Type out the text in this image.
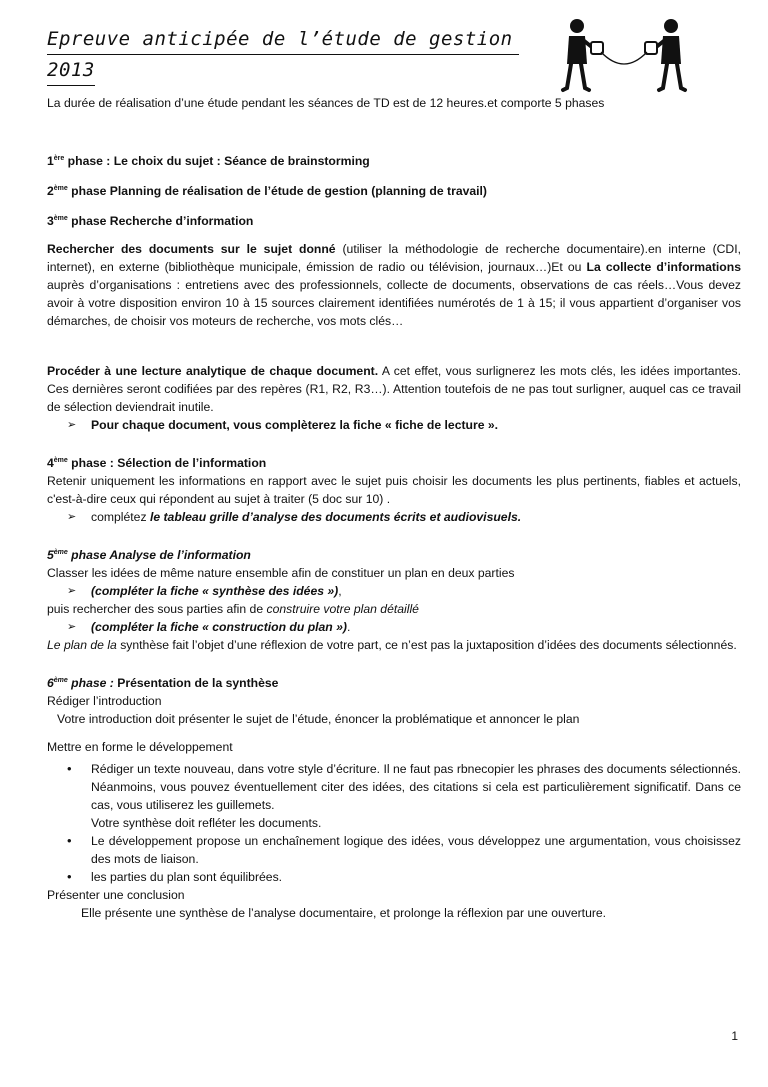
Epreuve anticipée de l’étude de gestion
2013

La durée de réalisation d’une étude pendant les séances de TD est de 12 heures.et comporte 5 phases

1ère phase : Le choix du sujet : Séance de brainstorming

2ème phase Planning de réalisation de l’étude de gestion (planning de travail)

3ème phase Recherche d’information

Rechercher des documents sur le sujet donné (utiliser la méthodologie de recherche documentaire).en interne (CDI, internet), en externe (bibliothèque municipale, émission de radio ou télévision, journaux…)Et ou La collecte d’informations auprès d’organisations : entretiens avec des professionnels, collecte de documents, observations de cas réels…Vous devez avoir à votre disposition environ 10 à 15 sources clairement identifiées numérotés de 1 à 15; il vous appartient d’organiser vos démarches, de choisir vos moteurs de recherche, vos mots clés…

Procéder à une lecture analytique de chaque document. A cet effet, vous surlignerez les mots clés, les idées importantes. Ces dernières seront codifiées par des repères (R1, R2, R3…). Attention toutefois de ne pas tout surligner, auquel cas ce travail de sélection deviendrait inutile.

➢	Pour chaque document, vous complèterez la fiche « fiche de lecture ».

4ème phase : Sélection de l’information

Retenir uniquement les informations en rapport avec le sujet puis choisir les documents les plus pertinents, fiables et actuels, c'est-à-dire ceux qui répondent au sujet à traiter (5 doc sur 10) .

➢	complétez le tableau grille d’analyse des documents écrits et audiovisuels.

5ème phase Analyse de l’information

Classer les idées de même nature ensemble afin de constituer un plan en deux parties

➢	(compléter la fiche « synthèse des idées »),

puis rechercher des sous parties afin de construire votre plan détaillé

➢	(compléter la fiche « construction du plan »).

Le plan de la synthèse fait l’objet d’une réflexion de votre part, ce n’est pas la juxtaposition d’idées des documents sélectionnés.

6ème phase : Présentation de la synthèse

Rédiger l’introduction

Votre introduction doit présenter le sujet de l’étude, énoncer la problématique et annoncer le plan

Mettre en forme le développement

• Rédiger un texte nouveau, dans votre style d’écriture. Il ne faut pas rbnecopier les phrases des documents sélectionnés. Néanmoins, vous pouvez éventuellement citer des idées, des citations si cela est particulièrement significatif. Dans ce cas, vous utiliserez les guillemets.
Votre synthèse doit refléter les documents.
• Le développement propose un enchaînement logique des idées, vous développez une argumentation, vous choisissez des mots de liaison.
• les parties du plan sont équilibrées.

Présenter une conclusion

Elle présente une synthèse de l’analyse documentaire, et prolonge la réflexion par une ouverture.

1
